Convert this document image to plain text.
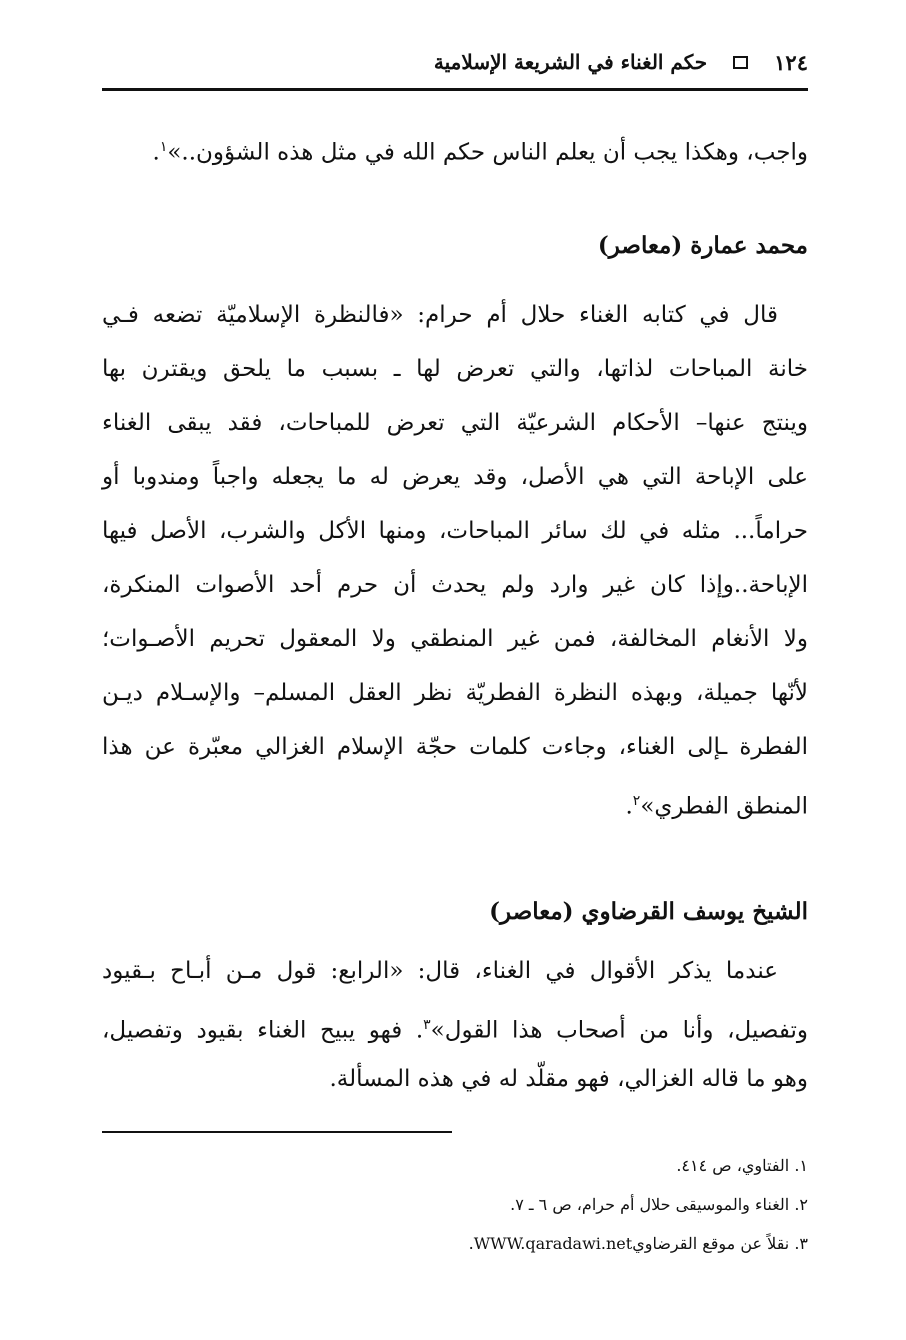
١٢٤
حكم الغناء في الشريعة الإسلامية
واجب، وهكذا يجب أن يعلم الناس حكم الله في مثل هذه الشؤون..»$^١$.
محمد عمارة (معاصر)
قال في كتابه الغناء حلال أم حرام: «فالنظرة الإسلاميّة تضعه فـي
خانة المباحات لذاتها، والتي تعرض لها ـ بسبب ما يلحق ويقترن بها
وينتج عنها– الأحكام الشرعيّة التي تعرض للمباحات، فقد يبقى الغناء
على الإباحة التي هي الأصل، وقد يعرض له ما يجعله واجباً ومندوبا أو
حراماً... مثله في لك سائر المباحات، ومنها الأكل والشرب، الأصل فيها
الإباحة..وإذا كان غير وارد ولم يحدث أن حرم أحد الأصوات المنكرة،
ولا الأنغام المخالفة، فمن غير المنطقي ولا المعقول تحريم الأصـوات؛
لأنّها جميلة، وبهذه النظرة الفطريّة نظر العقل المسلم– والإسـلام ديـن
الفطرة ـإلى الغناء، وجاءت كلمات حجّة الإسلام الغزالي معبّرة عن هذا
المنطق الفطري»$^٢$.
الشيخ يوسف القرضاوي (معاصر)
عندما يذكر الأقوال في الغناء، قال: «الرابع: قول مـن أبـاح بـقيود
وتفصيل، وأنا من أصحاب هذا القول»$^٣$. فهو يبيح الغناء بقيود وتفصيل،
وهو ما قاله الغزالي، فهو مقلّد له في هذه المسألة.
١. الفتاوي، ص ٤١٤.
٢. الغناء والموسيقى حلال أم حرام، ص ٦ ـ ٧.
٣. نقلاً عن موقع القرضاويWWW.qaradawi.net.
